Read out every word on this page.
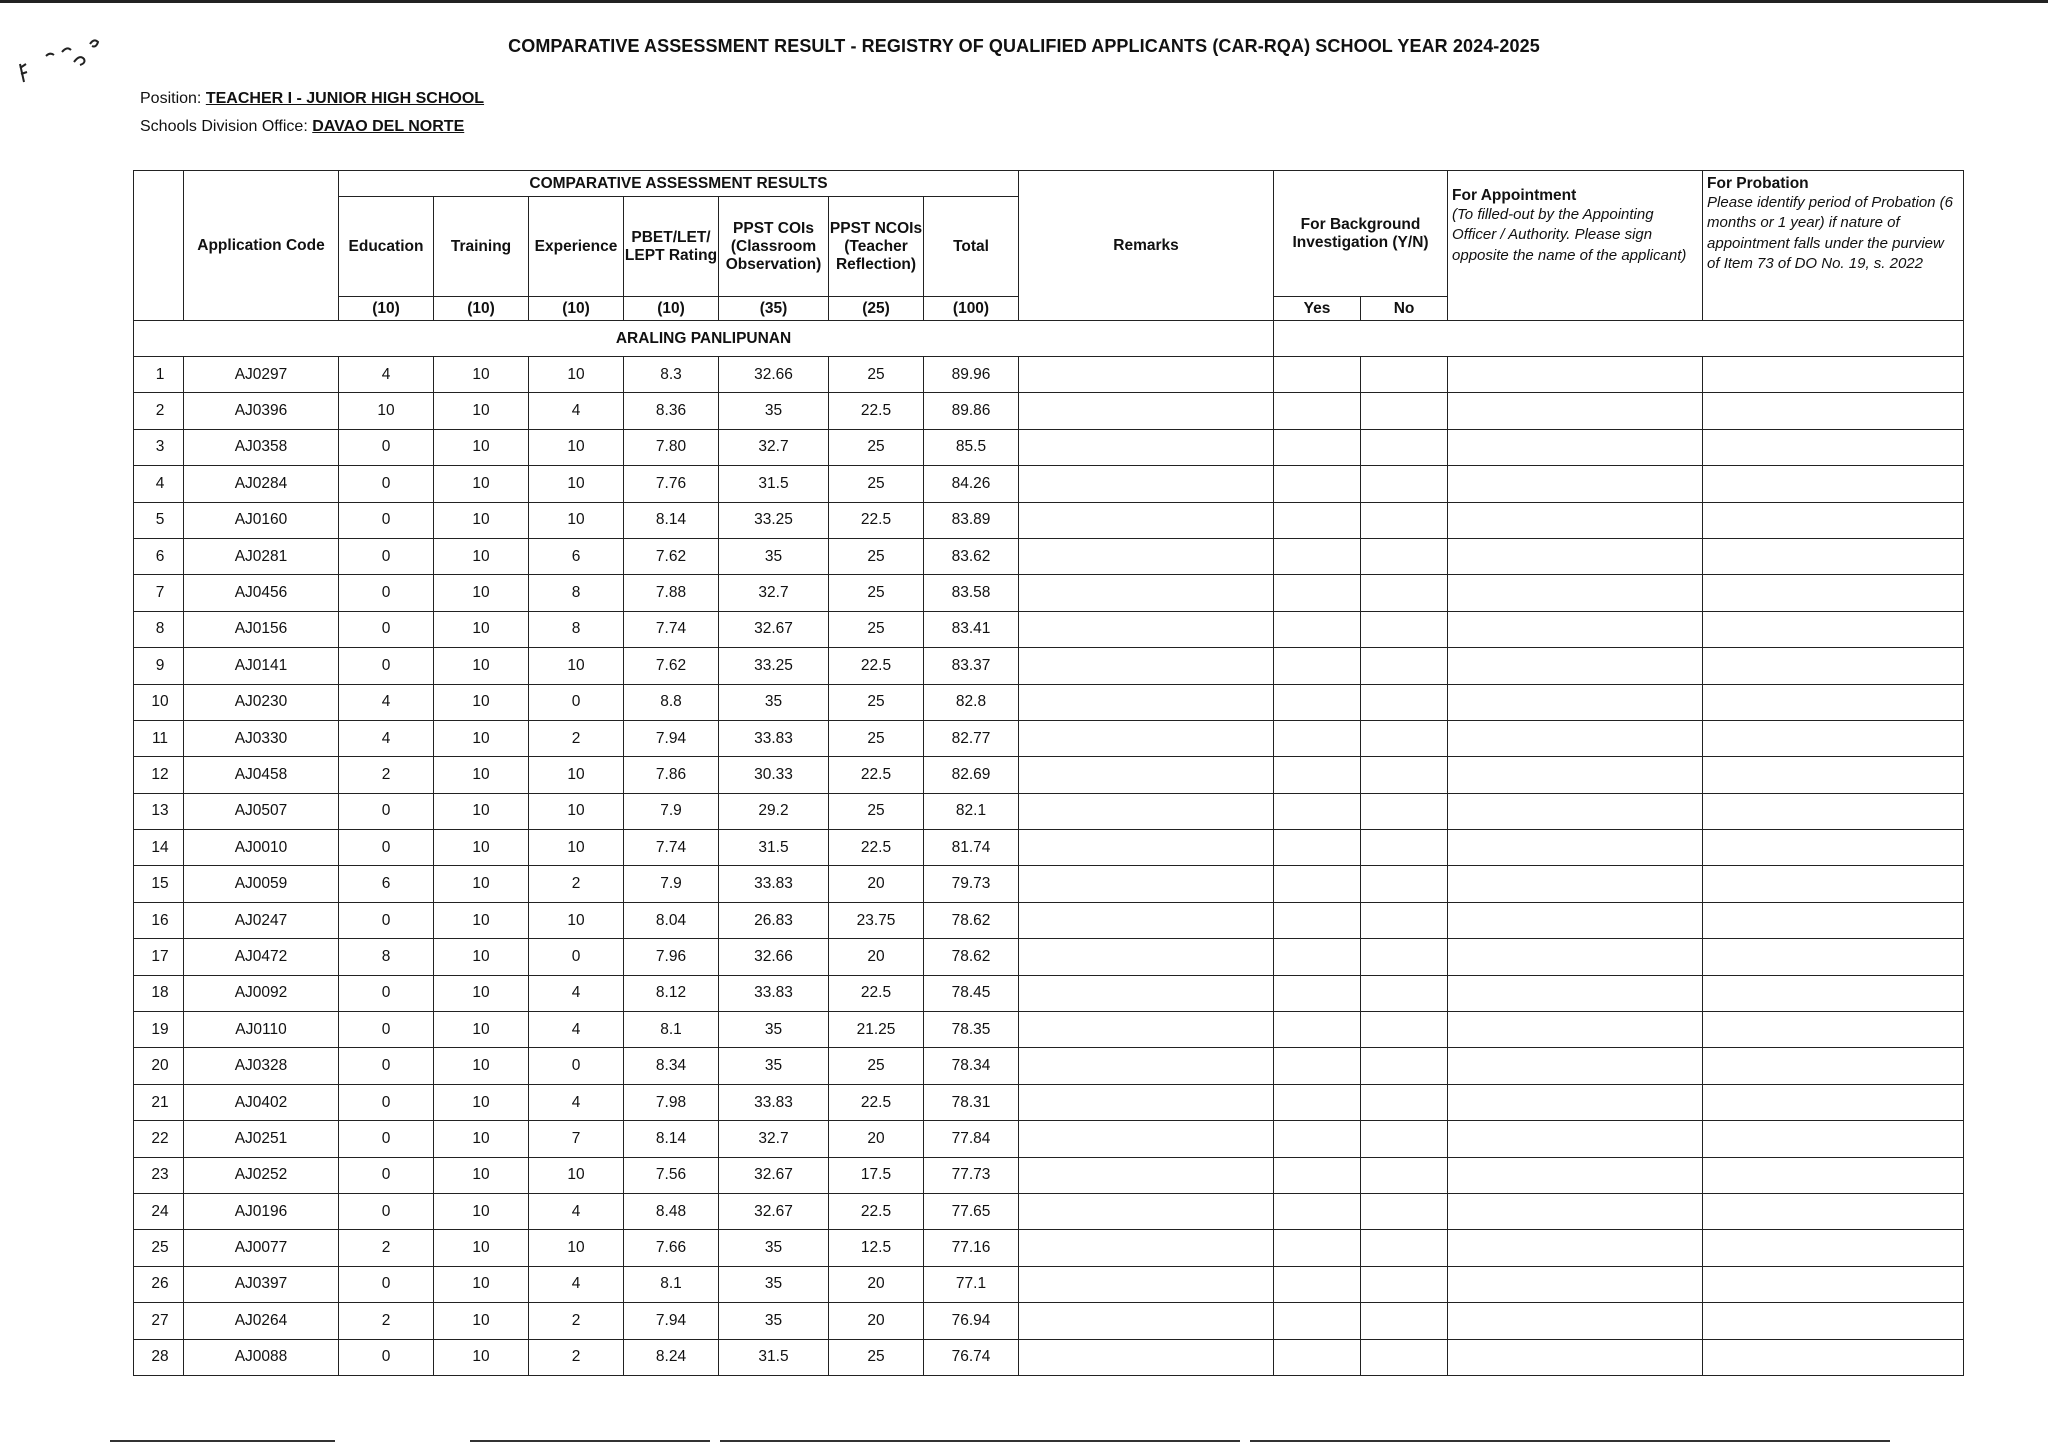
COMPARATIVE ASSESSMENT RESULT - REGISTRY OF QUALIFIED APPLICANTS (CAR-RQA) SCHOOL YEAR 2024-2025
Position: TEACHER I - JUNIOR HIGH SCHOOL
Schools Division Office: DAVAO DEL NORTE
	Application Code	COMPARATIVE ASSESSMENT RESULTS							Remarks	For Background Investigation (Y/N)		For Appointment
(To filled-out by the Appointing Officer / Authority. Please sign opposite the name of the applicant)	For Probation
Please identify period of Probation (6 months or 1 year) if nature of appointment falls under the purview of Item 73 of DO No. 19, s. 2022

		Education	Training	Experience	PBET/LET/ LEPT Rating	PPST COIs (Classroom Observation)	PPST NCOIs (Teacher Reflection)	Total					
		(10)	(10)	(10)	(10)	(35)	(25)	(100)		Yes	No		
ARALING PANLIPUNAN													
1	AJ0297	4	10	10	8.3	32.66	25	89.96					
2	AJ0396	10	10	4	8.36	35	22.5	89.86					
3	AJ0358	0	10	10	7.80	32.7	25	85.5					
4	AJ0284	0	10	10	7.76	31.5	25	84.26					
5	AJ0160	0	10	10	8.14	33.25	22.5	83.89					
6	AJ0281	0	10	6	7.62	35	25	83.62					
7	AJ0456	0	10	8	7.88	32.7	25	83.58					
8	AJ0156	0	10	8	7.74	32.67	25	83.41					
9	AJ0141	0	10	10	7.62	33.25	22.5	83.37					
10	AJ0230	4	10	0	8.8	35	25	82.8					
11	AJ0330	4	10	2	7.94	33.83	25	82.77					
12	AJ0458	2	10	10	7.86	30.33	22.5	82.69					
13	AJ0507	0	10	10	7.9	29.2	25	82.1					
14	AJ0010	0	10	10	7.74	31.5	22.5	81.74					
15	AJ0059	6	10	2	7.9	33.83	20	79.73					
16	AJ0247	0	10	10	8.04	26.83	23.75	78.62					
17	AJ0472	8	10	0	7.96	32.66	20	78.62					
18	AJ0092	0	10	4	8.12	33.83	22.5	78.45					
19	AJ0110	0	10	4	8.1	35	21.25	78.35					
20	AJ0328	0	10	0	8.34	35	25	78.34					
21	AJ0402	0	10	4	7.98	33.83	22.5	78.31					
22	AJ0251	0	10	7	8.14	32.7	20	77.84					
23	AJ0252	0	10	10	7.56	32.67	17.5	77.73					
24	AJ0196	0	10	4	8.48	32.67	22.5	77.65					
25	AJ0077	2	10	10	7.66	35	12.5	77.16					
26	AJ0397	0	10	4	8.1	35	20	77.1					
27	AJ0264	2	10	2	7.94	35	20	76.94					
28	AJ0088	0	10	2	8.24	31.5	25	76.74					
